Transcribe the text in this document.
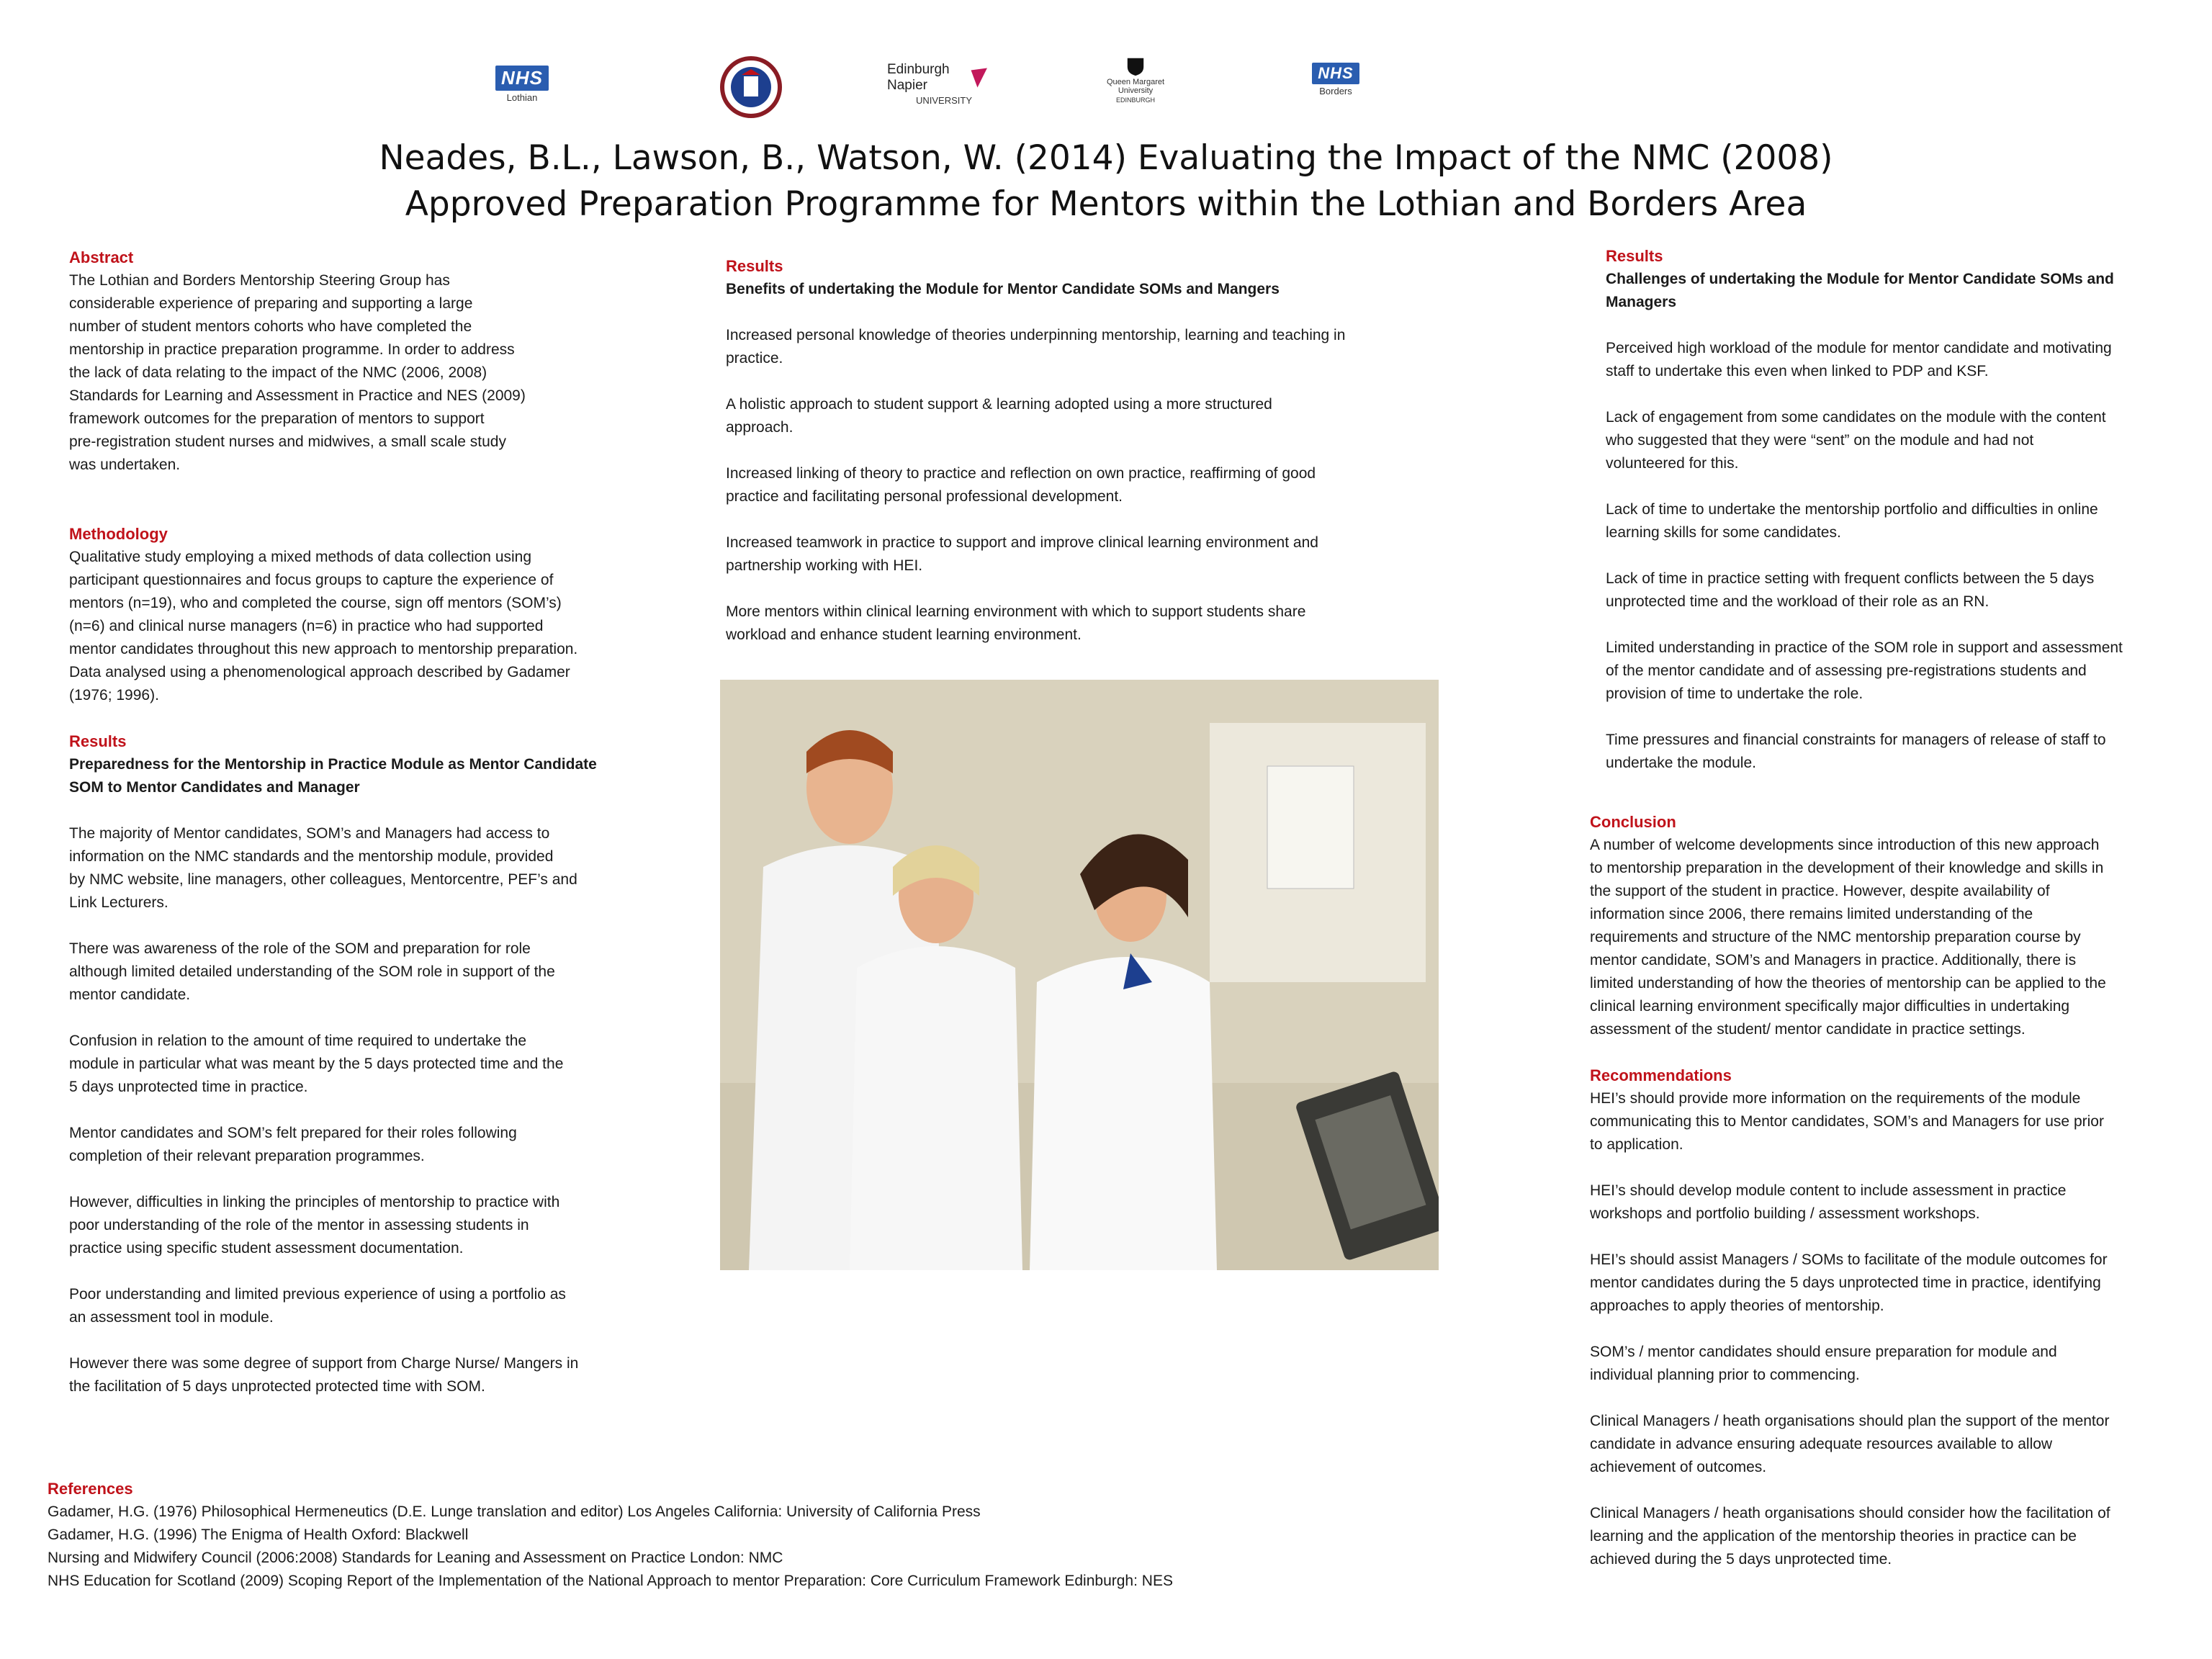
NHS
Lothian
Edinburgh Napier
UNIVERSITY
Queen Margaret University
EDINBURGH
NHS
Borders
Neades, B.L., Lawson, B., Watson, W. (2014) Evaluating the Impact of the NMC (2008)
Approved Preparation Programme for Mentors within the Lothian and Borders Area
Abstract
The Lothian and Borders Mentorship Steering Group has
considerable experience of preparing and supporting a large
number of student mentors cohorts who have completed the
mentorship in practice preparation programme. In order to address
the lack of data relating to the impact of the NMC (2006, 2008)
Standards for Learning and Assessment in Practice and NES (2009)
framework outcomes for the preparation of mentors to support
pre-registration student nurses and midwives, a small scale study
was undertaken.
Methodology
Qualitative study employing a mixed methods of data collection using
participant questionnaires and focus groups to capture the experience of
mentors (n=19), who and completed the course, sign off mentors (SOM’s)
(n=6) and clinical nurse managers (n=6) in practice who had supported
mentor candidates throughout this new approach to mentorship preparation.
Data analysed using a phenomenological approach described by Gadamer
(1976; 1996).
Results
Preparedness for the Mentorship in Practice Module as Mentor Candidate
SOM to Mentor Candidates and Manager
The majority of Mentor candidates, SOM’s and Managers had access to
information on the NMC standards and the mentorship module, provided
by NMC website, line managers, other colleagues, Mentorcentre, PEF’s and
Link Lecturers.
There was awareness of the role of the SOM and preparation for role
although limited detailed understanding of the SOM role in support of the
mentor candidate.
Confusion in relation to the amount of time required to undertake the
module in particular what was meant by the 5 days protected time and the
5 days unprotected time in practice.
Mentor candidates and SOM’s felt prepared for their roles following
completion of their relevant preparation programmes.
However, difficulties in linking the principles of mentorship to practice with
poor understanding of the role of the mentor in assessing students in
practice using specific student assessment documentation.
Poor understanding and limited previous experience of using a portfolio as
an assessment tool in module.
However there was some degree of support from Charge Nurse/ Mangers in
the facilitation of 5 days unprotected protected time with SOM.
Results
Benefits of undertaking the Module for Mentor Candidate SOMs and Mangers
Increased personal knowledge of theories underpinning mentorship, learning and teaching in
practice.
A holistic approach to student support & learning adopted using a more structured
approach.
Increased linking of theory to practice and reflection on own practice, reaffirming of good
practice and facilitating personal professional development.
Increased teamwork in practice to support and improve clinical learning environment and
partnership working with HEI.
More mentors within clinical learning environment with which to support students share
workload and enhance student learning environment.
Results
Challenges of undertaking the Module for Mentor Candidate SOMs and
Managers
Perceived high workload of the module for mentor candidate and motivating
staff to undertake this even when linked to PDP and KSF.
Lack of engagement from some candidates on the module with the content
who suggested that they were “sent” on the module and had not
volunteered for this.
Lack of time to undertake the mentorship portfolio and difficulties in online
learning skills for some candidates.
Lack of time in practice setting with frequent conflicts between the 5 days
unprotected time and the workload of their role as an RN.
Limited understanding in practice of the SOM role in support and assessment
of the mentor candidate and of assessing pre-registrations students and
provision of time to undertake the role.
Time pressures and financial constraints for managers of release of staff to
undertake the module.
Conclusion
A number of welcome developments since introduction of this new approach
to mentorship preparation in the development of their knowledge and skills in
the support of the student in practice. However, despite availability of
information since 2006, there remains limited understanding of the
requirements and structure of the NMC mentorship preparation course by
mentor candidate, SOM’s and Managers in practice. Additionally, there is
limited understanding of how the theories of mentorship can be applied to the
clinical learning environment specifically major difficulties in undertaking
assessment of the student/ mentor candidate in practice settings.
Recommendations
HEI’s should provide more information on the requirements of the module
communicating this to Mentor candidates, SOM’s and Managers for use prior
to application.
HEI’s should develop module content to include assessment in practice
workshops and portfolio building / assessment workshops.
HEI’s should assist Managers / SOMs to facilitate of the module outcomes for
mentor candidates during the 5 days unprotected time in practice, identifying
approaches to apply theories of mentorship.
SOM’s / mentor candidates should ensure preparation for module and
individual planning prior to commencing.
Clinical Managers / heath organisations should plan the support of the mentor
candidate in advance ensuring adequate resources available to allow
achievement of outcomes.
Clinical Managers / heath organisations should consider how the facilitation of
learning and the application of the mentorship theories in practice can be
achieved during the 5 days unprotected time.
References
Gadamer, H.G. (1976) Philosophical Hermeneutics (D.E. Lunge translation and editor) Los Angeles California: University of California Press
Gadamer, H.G. (1996) The Enigma of Health Oxford: Blackwell
Nursing and Midwifery Council (2006:2008) Standards for Leaning and Assessment on Practice London: NMC
NHS Education for Scotland (2009) Scoping Report of the Implementation of the National Approach to mentor Preparation: Core Curriculum Framework Edinburgh: NES
